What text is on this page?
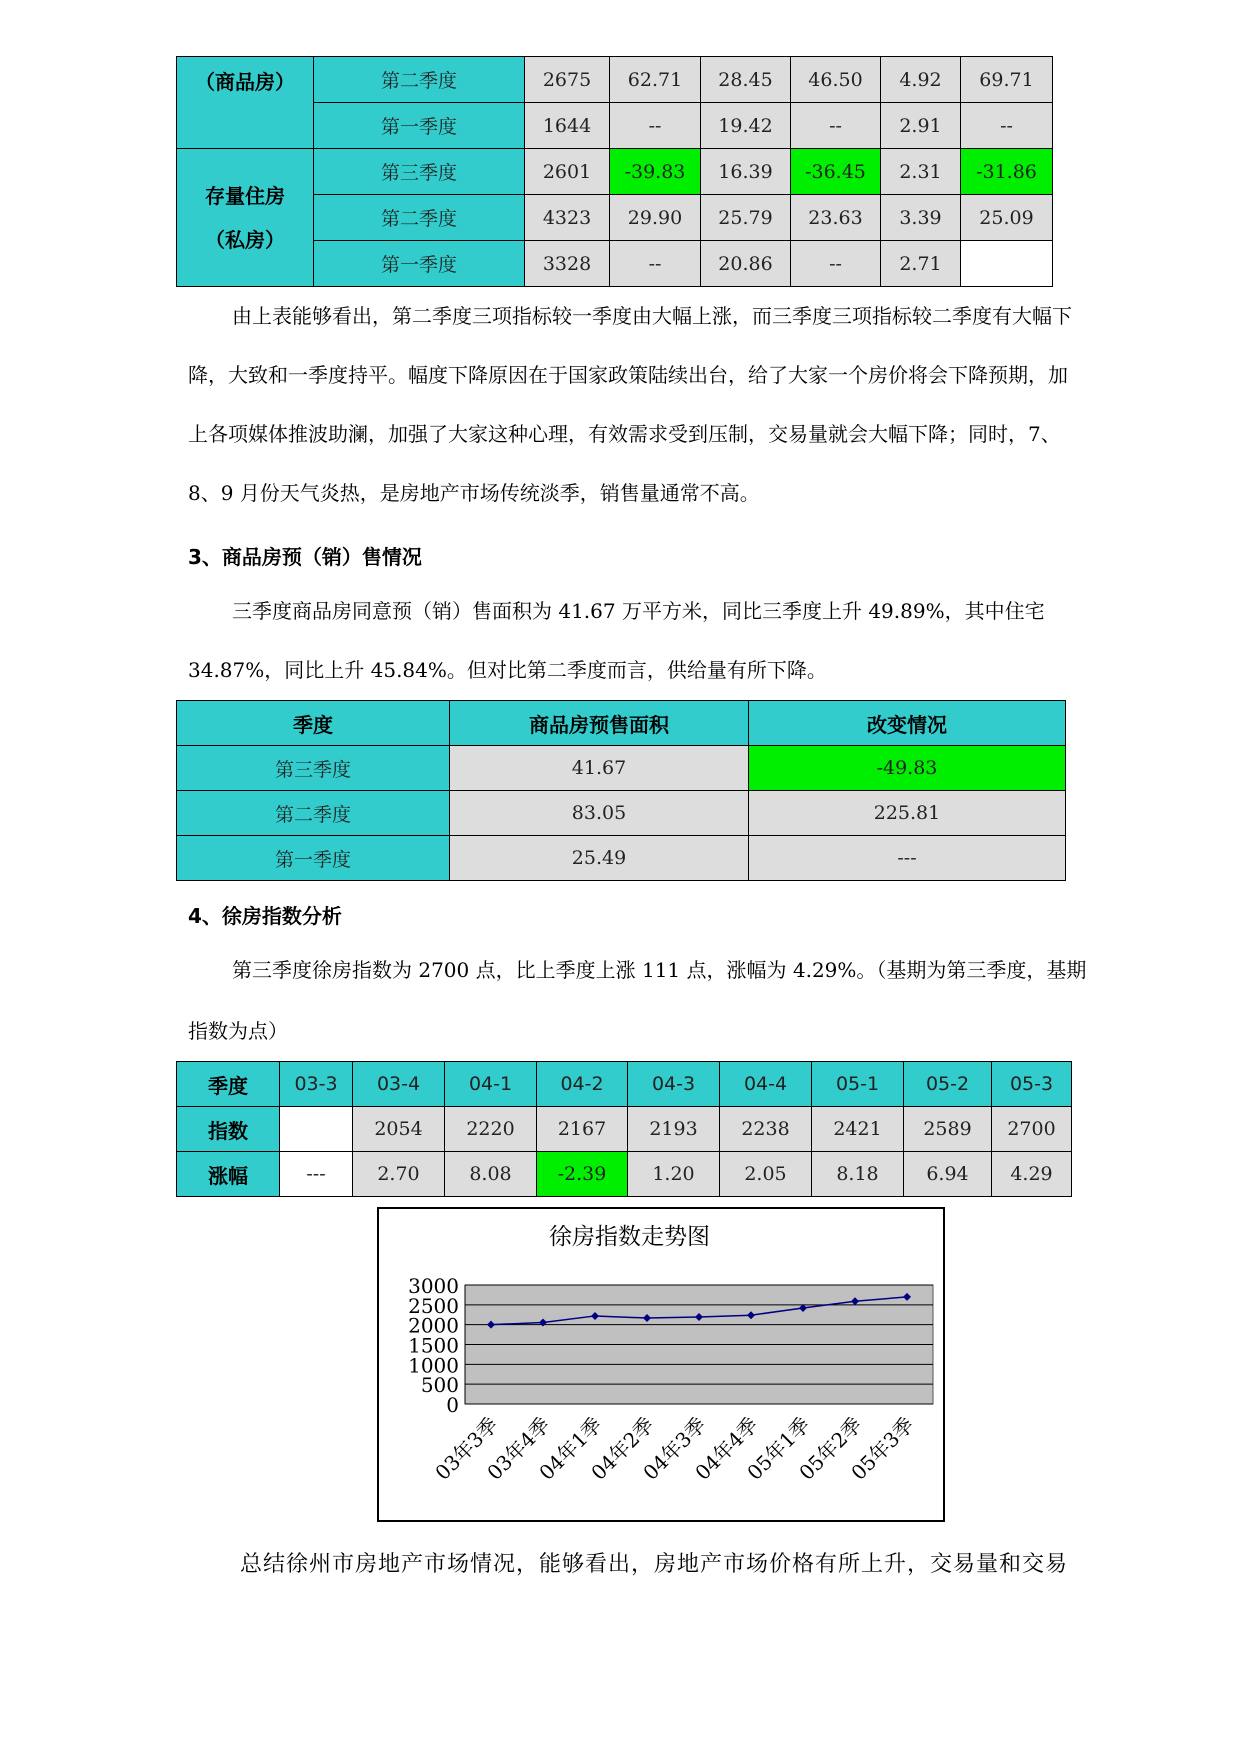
（商品房）	第二季度	2675	62.71	28.45	46.50	4.92	69.71
	第一季度	1644	--	19.42	--	2.91	--

存量住房
（私房）	第三季度	2601	-39.83	16.39	-36.45	2.31	-31.86
	第二季度	4323	29.90	25.79	23.63	3.39	25.09
	第一季度	3328	--	20.86	--	2.71	
由上表能够看出，第二季度三项指标较一季度由大幅上涨，而三季度三项指标较二季度有大幅下
降，大致和一季度持平。幅度下降原因在于国家政策陆续出台，给了大家一个房价将会下降预期，加
上各项媒体推波助澜，加强了大家这种心理，有效需求受到压制，交易量就会大幅下降；同时，7、
8、9 月份天气炎热，是房地产市场传统淡季，销售量通常不高。
3、商品房预（销）售情况
三季度商品房同意预（销）售面积为 41.67 万平方米，同比三季度上升 49.89%，其中住宅
34.87%，同比上升 45.84%。但对比第二季度而言，供给量有所下降。
季度	商品房预售面积	改变情况
第三季度	41.67	-49.83
第二季度	83.05	225.81
第一季度	25.49	---
4、徐房指数分析
第三季度徐房指数为 2700 点，比上季度上涨 111 点，涨幅为 4.29%。（基期为第三季度，基期
指数为点）
季度	03-3	03-4	04-1	04-2	04-3	04-4	05-1	05-2	05-3
指数		2054	2220	2167	2193	2238	2421	2589	2700
涨幅	---	2.70	8.08	-2.39	1.20	2.05	8.18	6.94	4.29
徐房指数走势图
0
500
1000
1500
2000
2500
3000
03年3季
03年4季
04年1季
04年2季
04年3季
04年4季
05年1季
05年2季
05年3季
总结徐州市房地产市场情况，能够看出，房地产市场价格有所上升，交易量和交易
